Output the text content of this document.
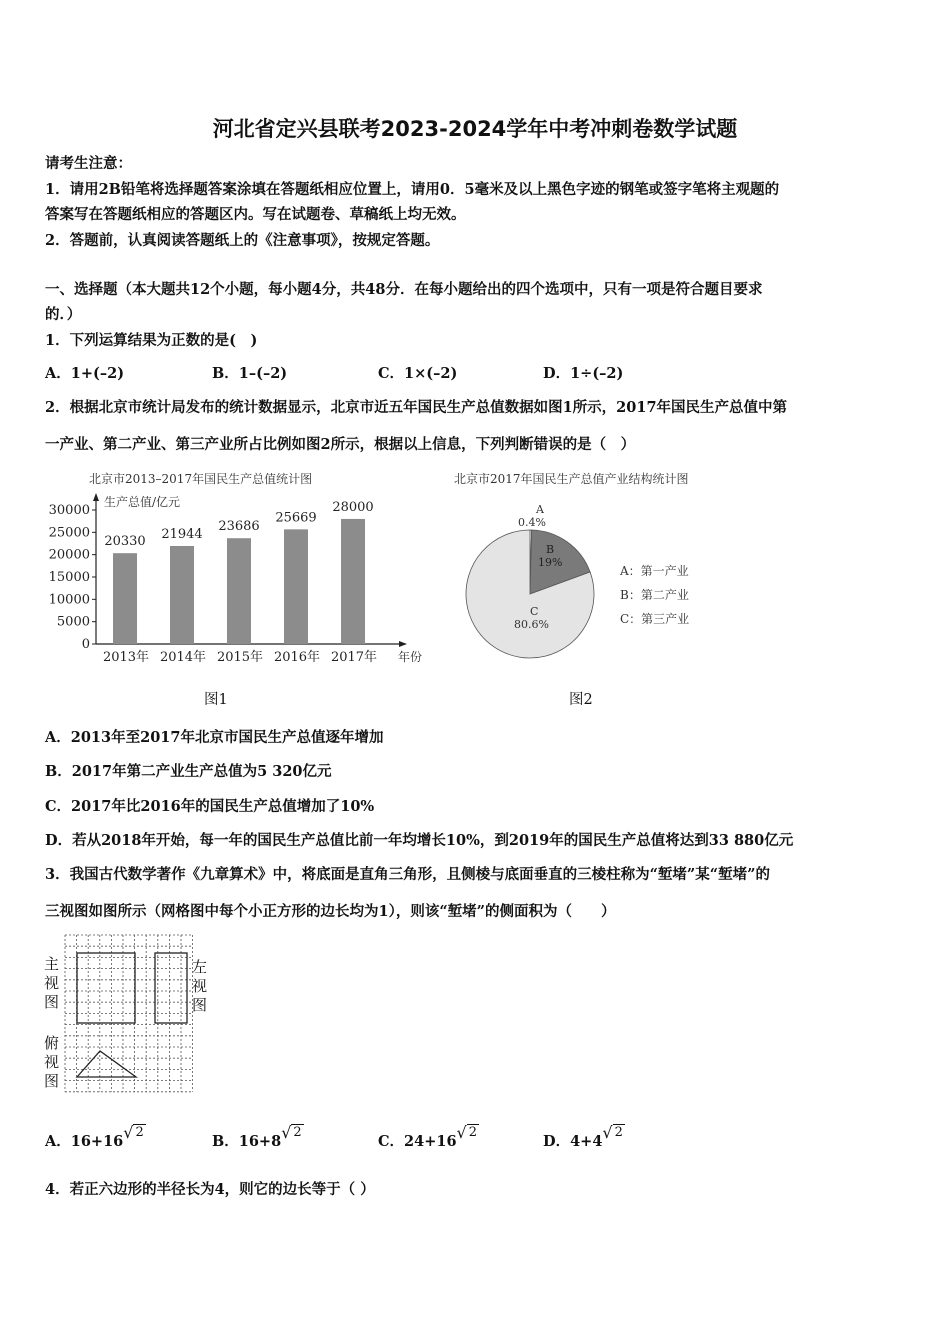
河北省定兴县联考2023-2024学年中考冲刺卷数学试题
请考生注意：
1．请用2B铅笔将选择题答案涂填在答题纸相应位置上，请用0．5毫米及以上黑色字迹的钢笔或签字笔将主观题的
答案写在答题纸相应的答题区内。写在试题卷、草稿纸上均无效。
2．答题前，认真阅读答题纸上的《注意事项》，按规定答题。
一、选择题（本大题共12个小题，每小题4分，共48分．在每小题给出的四个选项中，只有一项是符合题目要求
的．）
1．下列运算结果为正数的是(　)
A．1+(–2)	B．1–(–2)	C．1×(–2)	D．1÷(–2)
2．根据北京市统计局发布的统计数据显示，北京市近五年国民生产总值数据如图1所示，2017年国民生产总值中第
一产业、第二产业、第三产业所占比例如图2所示，根据以上信息，下列判断错误的是（　）
北京市2013–2017年国民生产总值统计图
生产总值/亿元
年份
0
5000
10000
15000
20000
25000
30000
20330
2013年
21944
2014年
23686
2015年
25669
2016年
28000
2017年
北京市2017年国民生产总值产业结构统计图
A
0.4%
B
19%
C
80.6%
A：第一产业
B：第二产业
C：第三产业
图1	图2
A．2013年至2017年北京市国民生产总值逐年增加
B．2017年第二产业生产总值为5 320亿元
C．2017年比2016年的国民生产总值增加了10%
D．若从2018年开始，每一年的国民生产总值比前一年均增长10%，到2019年的国民生产总值将达到33 880亿元
3．我国古代数学著作《九章算术》中，将底面是直角三角形，且侧棱与底面垂直的三棱柱称为“堑堵”某“堑堵”的
三视图如图所示（网格图中每个小正方形的边长均为1），则该“堑堵”的侧面积为（　　）
主视图
左视图
俯视图
A．16+16√ 2
B．16+8√ 2
C．24+16√ 2
D．4+4√ 2
4．若正六边形的半径长为4，则它的边长等于（ ）
